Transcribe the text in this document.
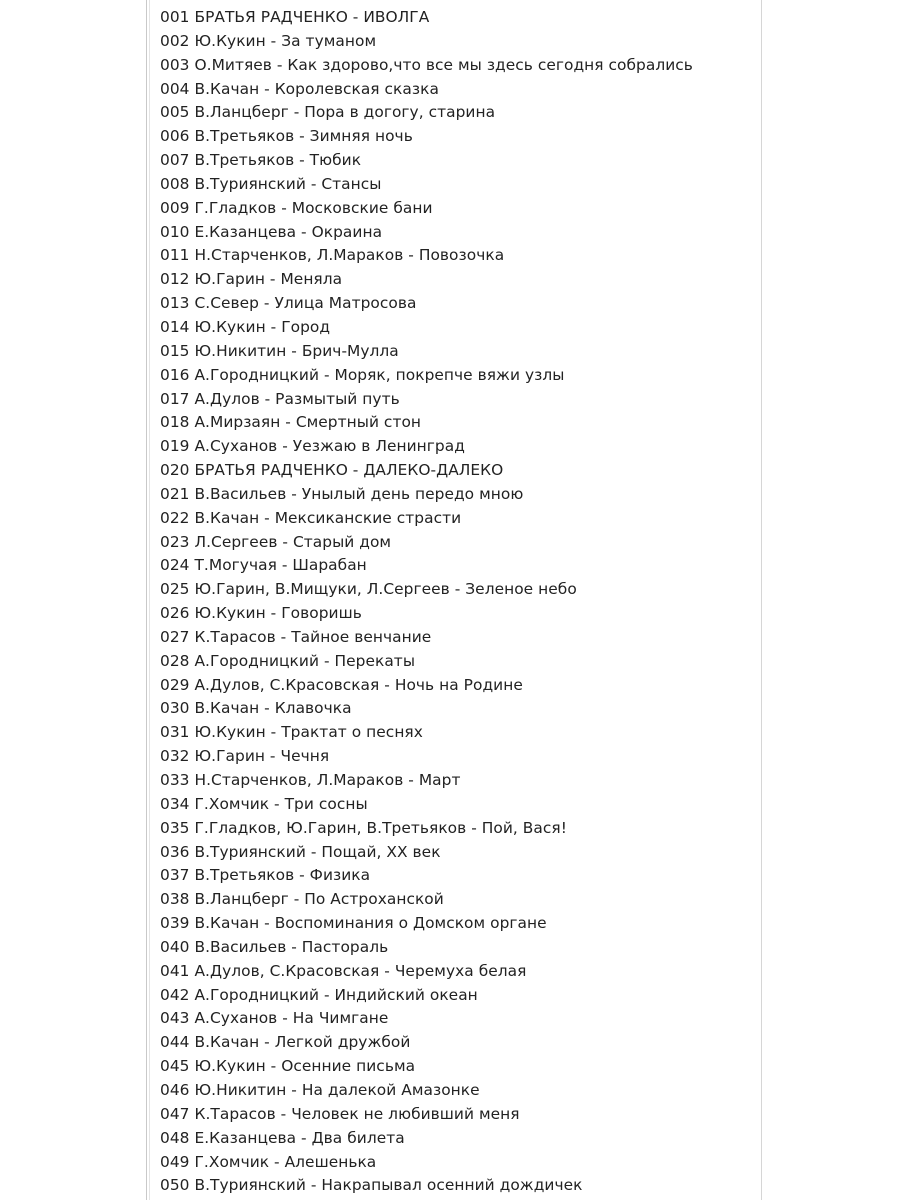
001 БРАТЬЯ РАДЧЕНКО - ИВОЛГА
002 Ю.Кукин - За туманом
003 О.Митяев - Как здорово,что все мы здесь сегодня собрались
004 В.Качан - Королевская сказка
005 В.Ланцберг - Пора в догогу, старина
006 В.Третьяков - Зимняя ночь
007 В.Третьяков - Тюбик
008 В.Туриянский - Стансы
009 Г.Гладков - Московские бани
010 Е.Казанцева - Окраина
011 Н.Старченков, Л.Мараков - Повозочка
012 Ю.Гарин - Меняла
013 С.Север - Улица Матросова
014 Ю.Кукин - Город
015 Ю.Никитин - Брич-Мулла
016 А.Городницкий - Моряк, покрепче вяжи узлы
017 А.Дулов - Размытый путь
018 А.Мирзаян - Смертный стон
019 А.Суханов - Уезжаю в Ленинград
020 БРАТЬЯ РАДЧЕНКО - ДАЛЕКО-ДАЛЕКО
021 В.Васильев - Унылый день передо мною
022 В.Качан - Мексиканские страсти
023 Л.Сергеев - Старый дом
024 Т.Могучая - Шарабан
025 Ю.Гарин, В.Мищуки, Л.Сергеев - Зеленое небо
026 Ю.Кукин - Говоришь
027 К.Тарасов - Тайное венчание
028 А.Городницкий - Перекаты
029 А.Дулов, С.Красовская - Ночь на Родине
030 В.Качан - Клавочка
031 Ю.Кукин - Трактат о песнях
032 Ю.Гарин - Чечня
033 Н.Старченков, Л.Мараков - Март
034 Г.Хомчик - Три сосны
035 Г.Гладков, Ю.Гарин, В.Третьяков - Пой, Вася!
036 В.Туриянский - Пощай, ХХ век
037 В.Третьяков - Физика
038 В.Ланцберг - По Астроханской
039 В.Качан - Воспоминания о Домском органе
040 В.Васильев - Пастораль
041 А.Дулов, С.Красовская - Черемуха белая
042 А.Городницкий - Индийский океан
043 А.Суханов - На Чимгане
044 В.Качан - Легкой дружбой
045 Ю.Кукин - Осенние письма
046 Ю.Никитин - На далекой Амазонке
047 К.Тарасов - Человек не любивший меня
048 Е.Казанцева - Два билета
049 Г.Хомчик - Алешенька
050 В.Туриянский - Накрапывал осенний дождичек
